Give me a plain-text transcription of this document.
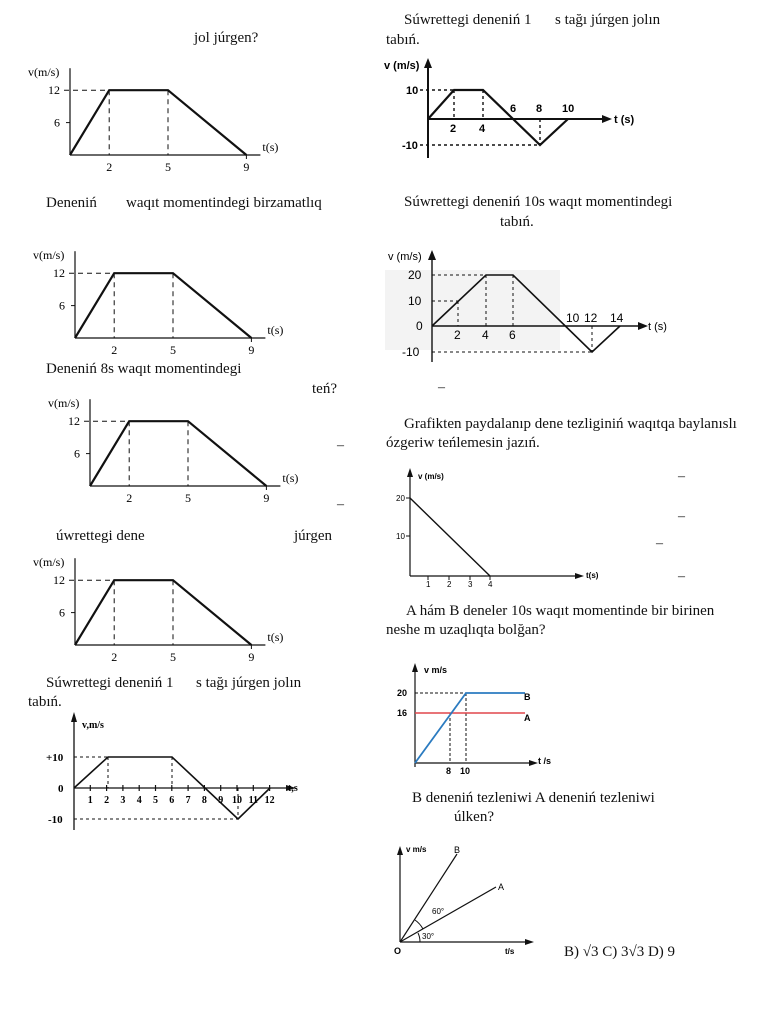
jol júrgen?
Deneniń waqıt momentindegi birzamatlıq
Deneniń 8s waqıt momentindegi
teń?
úwrettegi dene	júrgen
Súwrettegi deneniń 1 s tağı júrgen jolın
tabıń.
Súwrettegi deneniń 1 s tağı júrgen jolın
tabıń.
Súwrettegi deneniń 10s waqıt momentindegi
tabıń.
Grafikten paydalanıp dene tezliginiń waqıtqa baylanıslı ózgeriw teńlemesin jazıń.
A hám B deneler 10s waqıt momentinde bir birinen neshe m uzaqlıqta bolğan?
B deneniń tezleniwi A deneniń tezleniwi
úlken?
B) √3 C) 3√3 D) 9
–
–
–
–
–
–
–
v(m/s)
t(s)
12
6
2	5	9
v(m/s)
t(s)
12
6
2	5	9
v(m/s)
t(s)
12
6
2	5	9
v(m/s)
t(s)
12
6
2	5	9
v,m/s
t,s
+10
0
-10
1 2 3 4 5 6 7 8 9 10 11 12
v (m/s)
t (s)
10
-10
2 4
6 8 10
v (m/s)
t (s)
20
10
0
-10
2 4 6
10 12 14
v (m/s)
t(s)
20
10
1 2 3 4
v m/s
t /s
20
16
8 10
B
A
v m/s
t/s
B
A
60°
30°
O
